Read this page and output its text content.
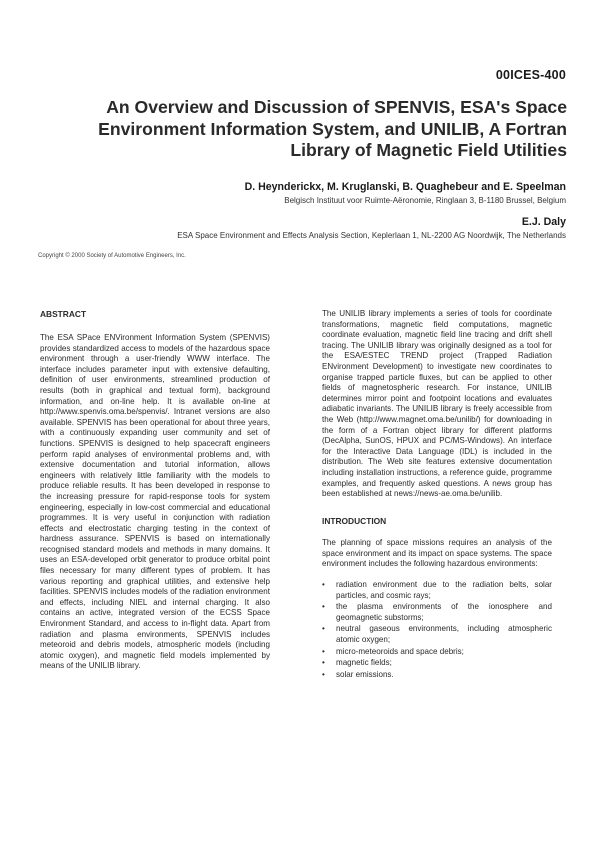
00ICES-400
An Overview and Discussion of SPENVIS, ESA's Space
Environment Information System, and UNILIB, A Fortran
Library of Magnetic Field Utilities
D. Heynderickx, M. Kruglanski, B. Quaghebeur and E. Speelman
Belgisch Instituut voor Ruimte-Aëronomie, Ringlaan 3, B-1180 Brussel, Belgium
E.J. Daly
ESA Space Environment and Effects Analysis Section, Keplerlaan 1, NL-2200 AG Noordwijk, The Netherlands
Copyright © 2000 Society of Automotive Engineers, Inc.
ABSTRACT

The ESA SPace ENVironment Information System (SPENVIS) provides standardized access to models of the hazardous space environment through a user-friendly WWW interface. The interface includes parameter input with extensive defaulting, definition of user environments, streamlined production of results (both in graphical and textual form), background information, and on-line help. It is available on-line at http://www.spenvis.oma.be/spenvis/. Intranet versions are also available. SPENVIS has been operational for about three years, with a continuously expanding user community and set of functions. SPENVIS is designed to help spacecraft engineers perform rapid analyses of environmental problems and, with extensive documentation and tutorial information, allows engineers with relatively little familiarity with the models to produce reliable results. It has been developed in response to the increasing pressure for rapid-response tools for system engineering, especially in low-cost commercial and educational programmes. It is very useful in conjunction with radiation effects and electrostatic charging testing in the context of hardness assurance. SPENVIS is based on internationally recognised standard models and methods in many domains. It uses an ESA-developed orbit generator to produce orbital point files necessary for many different types of problem. It has various reporting and graphical utilities, and extensive help facilities. SPENVIS includes models of the radiation environment and effects, including NIEL and internal charging. It also contains an active, integrated version of the ECSS Space Environment Standard, and access to in-flight data. Apart from radiation and plasma environments, SPENVIS includes meteoroid and debris models, atmospheric models (including atomic oxygen), and magnetic field models implemented by means of the UNILIB library.

The UNILIB library implements a series of tools for coordinate transformations, magnetic field computations, magnetic coordinate evaluation, magnetic field line tracing and drift shell tracing. The UNILIB library was originally designed as a tool for the ESA/ESTEC TREND project (Trapped Radiation ENvironment Development) to investigate new coordinates to organise trapped particle fluxes, but can be applied to other fields of magnetospheric research. For instance, UNILIB determines mirror point and footpoint locations and evaluates adiabatic invariants. The UNILIB library is freely accessible from the Web (http://www.magnet.oma.be/unilib/) for downloading in the form of a Fortran object library for different platforms (DecAlpha, SunOS, HPUX and PC/MS-Windows). An interface for the Interactive Data Language (IDL) is included in the distribution. The Web site features extensive documentation including installation instructions, a reference guide, programme examples, and frequently asked questions. A news group has been established at news://news-ae.oma.be/unilib.

INTRODUCTION

The planning of space missions requires an analysis of the space environment and its impact on space systems. The space environment includes the following hazardous environments:

• radiation environment due to the radiation belts, solar particles, and cosmic rays;
• the plasma environments of the ionosphere and geomagnetic substorms;
• neutral gaseous environments, including atmospheric atomic oxygen;
• micro-meteoroids and space debris;
• magnetic fields;
• solar emissions.
